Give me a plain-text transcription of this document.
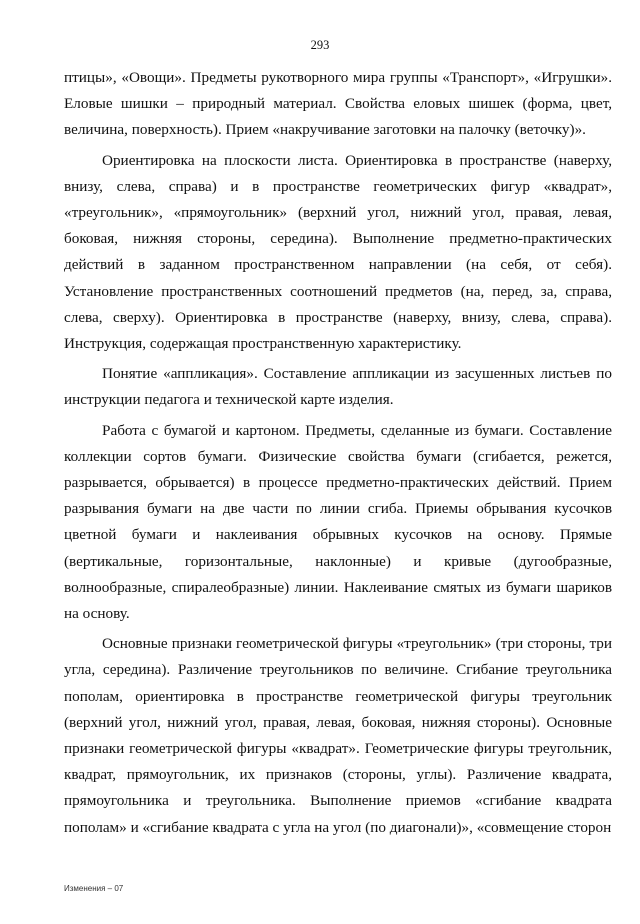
293

птицы», «Овощи». Предметы рукотворного мира группы «Транспорт», «Игрушки». Еловые шишки – природный материал. Свойства еловых шишек (форма, цвет, величина, поверхность). Прием «накручивание заготовки на палочку (веточку)».

Ориентировка на плоскости листа. Ориентировка в пространстве (наверху, внизу, слева, справа) и в пространстве геометрических фигур «квадрат», «треугольник», «прямоугольник» (верхний угол, нижний угол, правая, левая, боковая, нижняя стороны, середина). Выполнение предметно-практических действий в заданном пространственном направлении (на себя, от себя). Установление пространственных соотношений предметов (на, перед, за, справа, слева, сверху). Ориентировка в пространстве (наверху, внизу, слева, справа). Инструкция, содержащая пространственную характеристику.

Понятие «аппликация». Составление аппликации из засушенных листьев по инструкции педагога и технической карте изделия.

Работа с бумагой и картоном. Предметы, сделанные из бумаги. Составление коллекции сортов бумаги. Физические свойства бумаги (сгибается, режется, разрывается, обрывается) в процессе предметно-практических действий. Прием разрывания бумаги на две части по линии сгиба. Приемы обрывания кусочков цветной бумаги и наклеивания обрывных кусочков на основу. Прямые (вертикальные, горизонтальные, наклонные) и кривые (дугообразные, волнообразные, спиралеобразные) линии. Наклеивание смятых из бумаги шариков на основу.

Основные признаки геометрической фигуры «треугольник» (три стороны, три угла, середина). Различение треугольников по величине. Сгибание треугольника пополам, ориентировка в пространстве геометрической фигуры треугольник (верхний угол, нижний угол, правая, левая, боковая, нижняя стороны). Основные признаки геометрической фигуры «квадрат». Геометрические фигуры треугольник, квадрат, прямоугольник, их признаков (стороны, углы). Различение квадрата, прямоугольника и треугольника. Выполнение приемов «сгибание квадрата пополам» и «сгибание квадрата с угла на угол (по диагонали)», «совмещение сторон

Изменения – 07
